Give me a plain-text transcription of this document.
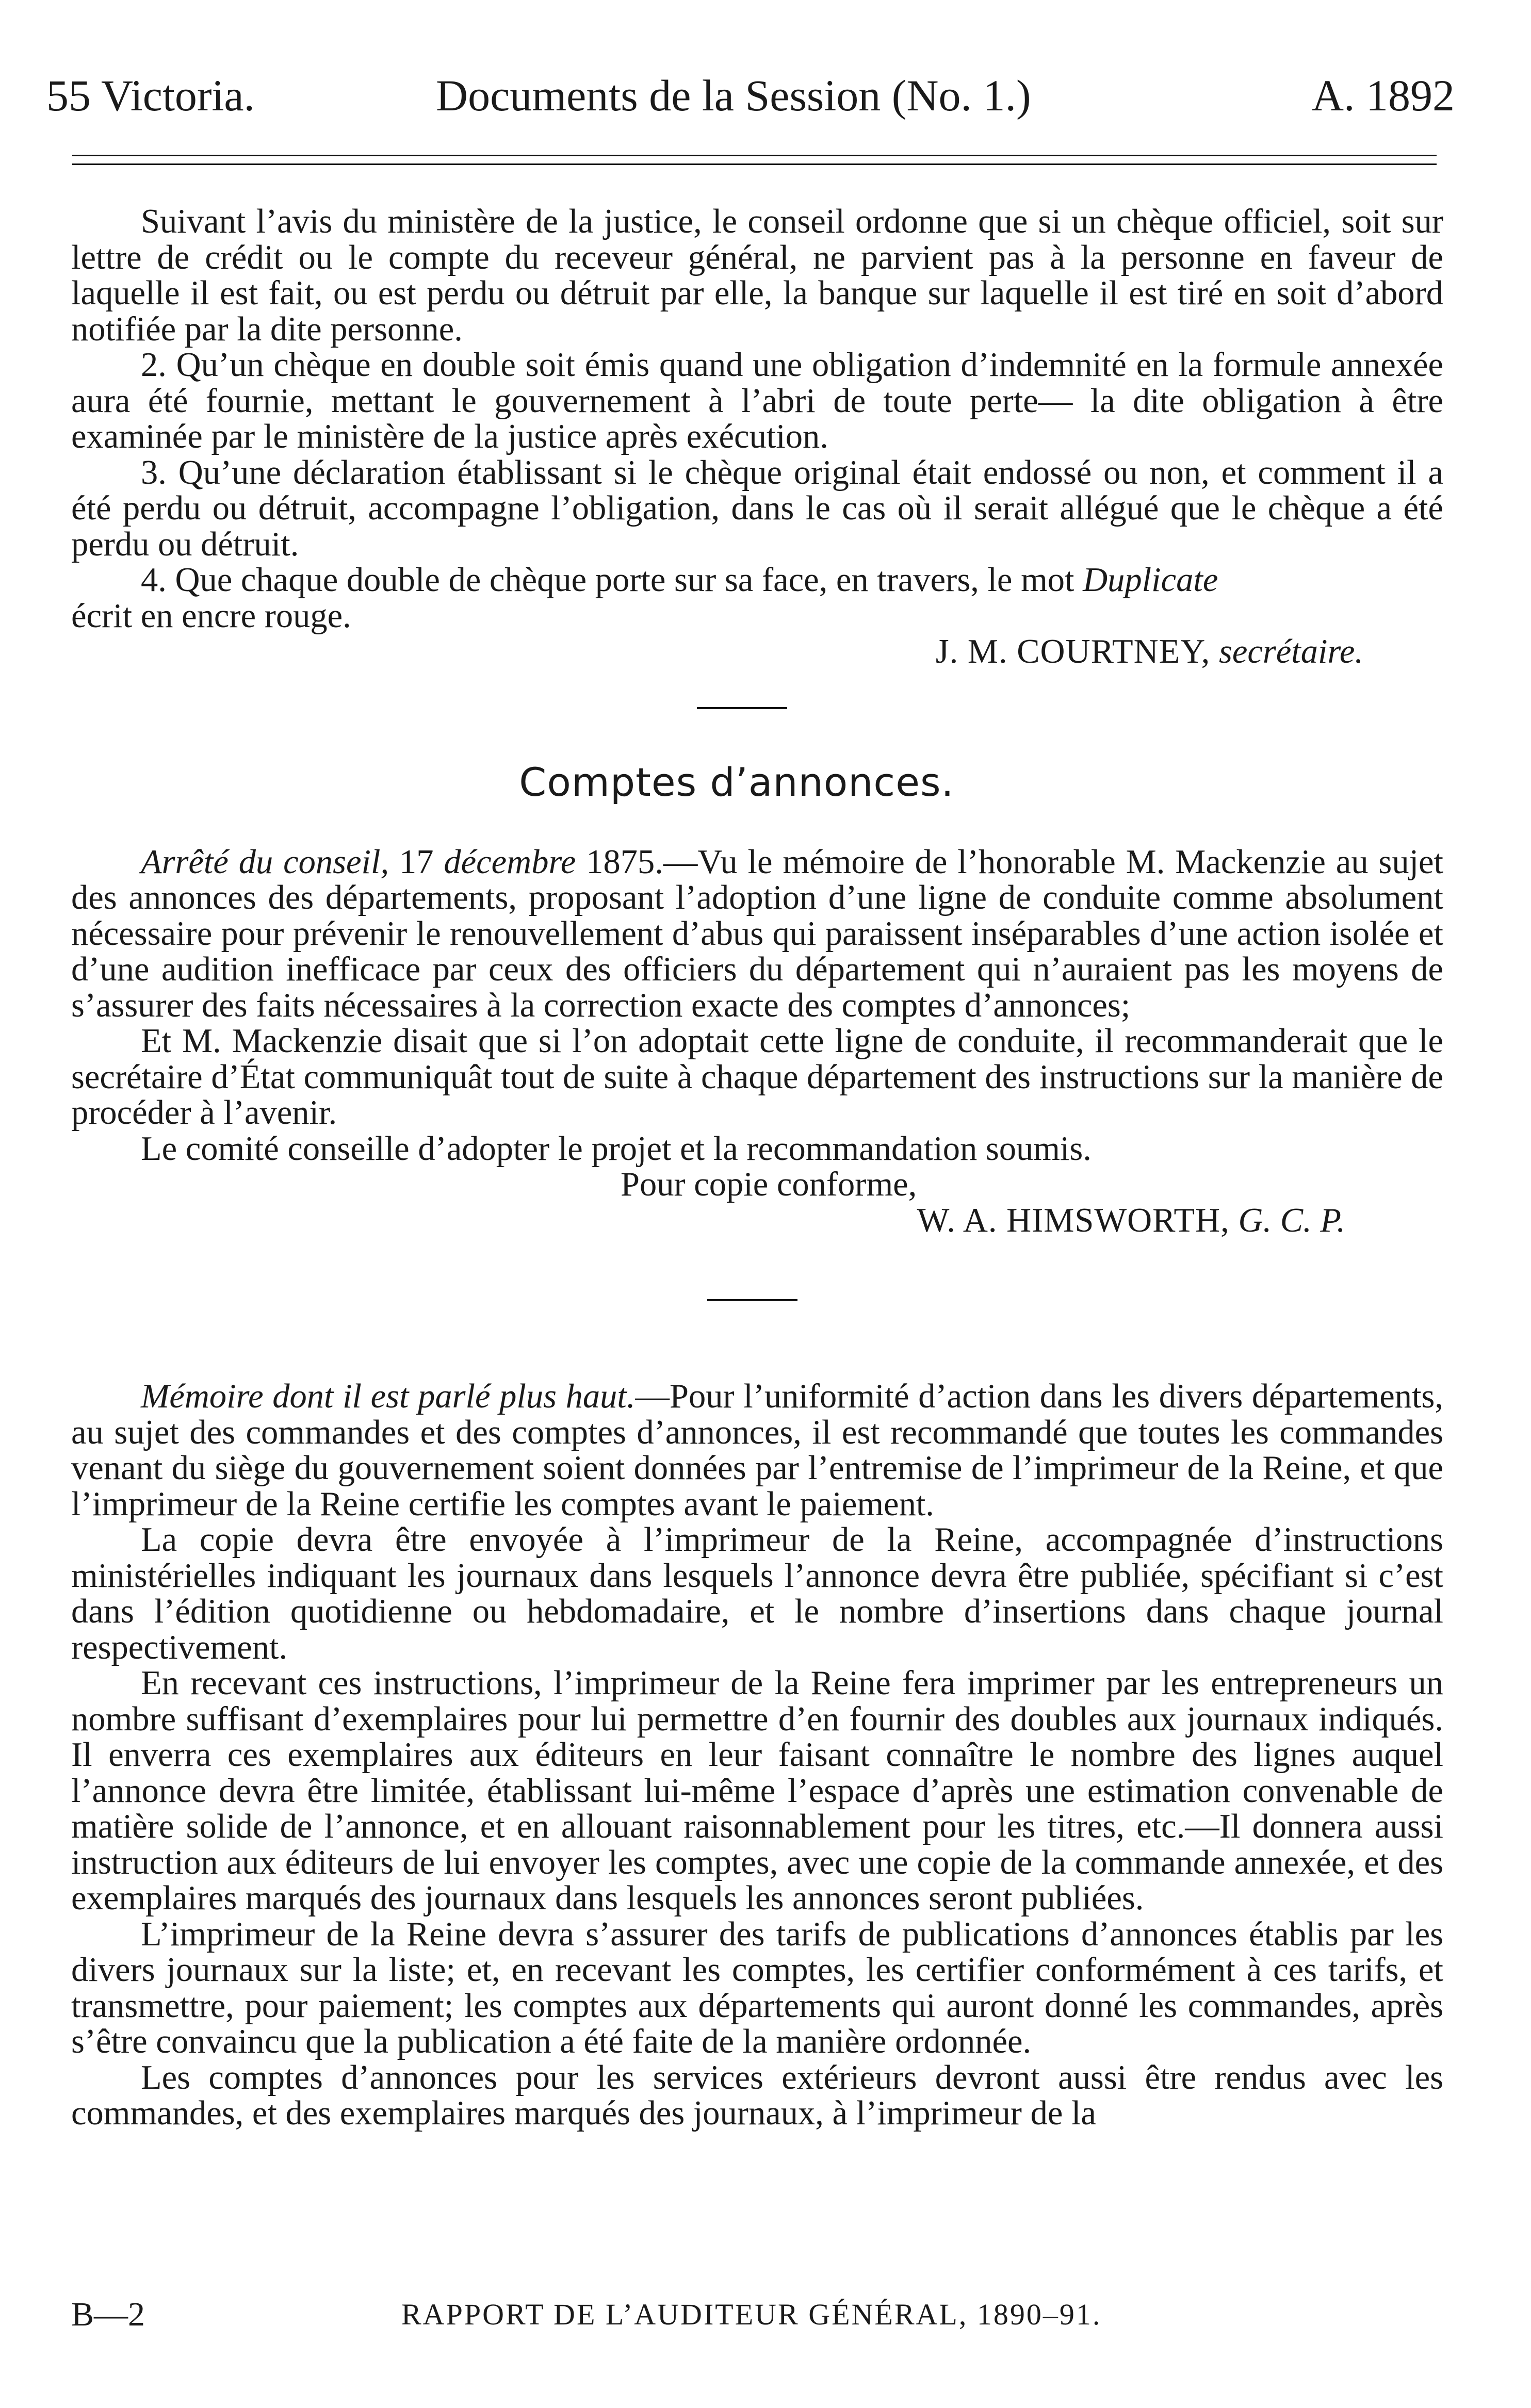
55 Victoria.	Documents de la Session (No. 1.)	A. 1892

Suivant l’avis du ministère de la justice, le conseil ordonne que si un chèque officiel, soit sur lettre de crédit ou le compte du receveur général, ne parvient pas à la personne en faveur de laquelle il est fait, ou est perdu ou détruit par elle, la banque sur laquelle il est tiré en soit d’abord notifiée par la dite personne.

2. Qu’un chèque en double soit émis quand une obligation d’indemnité en la formule annexée aura été fournie, mettant le gouvernement à l’abri de toute perte— la dite obligation à être examinée par le ministère de la justice après exécution.

3. Qu’une déclaration établissant si le chèque original était endossé ou non, et comment il a été perdu ou détruit, accompagne l’obligation, dans le cas où il serait allégué que le chèque a été perdu ou détruit.

4. Que chaque double de chèque porte sur sa face, en travers, le mot Duplicate

écrit en encre rouge.

J. M. COURTNEY, secrétaire.

Comptes d’annonces.

Arrêté du conseil, 17 décembre 1875.—Vu le mémoire de l’honorable M. Mackenzie au sujet des annonces des départements, proposant l’adoption d’une ligne de conduite comme absolument nécessaire pour prévenir le renouvellement d’abus qui paraissent inséparables d’une action isolée et d’une audition inefficace par ceux des officiers du département qui n’auraient pas les moyens de s’assurer des faits nécessaires à la correction exacte des comptes d’annonces;

Et M. Mackenzie disait que si l’on adoptait cette ligne de conduite, il recommanderait que le secrétaire d’État communiquât tout de suite à chaque département des instructions sur la manière de procéder à l’avenir.

Le comité conseille d’adopter le projet et la recommandation soumis.

Pour copie conforme,

W. A. HIMSWORTH, G. C. P.

Mémoire dont il est parlé plus haut.—Pour l’uniformité d’action dans les divers départements, au sujet des commandes et des comptes d’annonces, il est recommandé que toutes les commandes venant du siège du gouvernement soient données par l’entremise de l’imprimeur de la Reine, et que l’imprimeur de la Reine certifie les comptes avant le paiement.

La copie devra être envoyée à l’imprimeur de la Reine, accompagnée d’instructions ministérielles indiquant les journaux dans lesquels l’annonce devra être publiée, spécifiant si c’est dans l’édition quotidienne ou hebdomadaire, et le nombre d’insertions dans chaque journal respectivement.

En recevant ces instructions, l’imprimeur de la Reine fera imprimer par les entrepreneurs un nombre suffisant d’exemplaires pour lui permettre d’en fournir des doubles aux journaux indiqués. Il enverra ces exemplaires aux éditeurs en leur faisant connaître le nombre des lignes auquel l’annonce devra être limitée, établissant lui-même l’espace d’après une estimation convenable de matière solide de l’annonce, et en allouant raisonnablement pour les titres, etc.—Il donnera aussi instruction aux éditeurs de lui envoyer les comptes, avec une copie de la commande annexée, et des exemplaires marqués des journaux dans lesquels les annonces seront publiées.

L’imprimeur de la Reine devra s’assurer des tarifs de publications d’annonces établis par les divers journaux sur la liste; et, en recevant les comptes, les certifier conformément à ces tarifs, et transmettre, pour paiement; les comptes aux départements qui auront donné les commandes, après s’être convaincu que la publication a été faite de la manière ordonnée.

Les comptes d’annonces pour les services extérieurs devront aussi être rendus avec les commandes, et des exemplaires marqués des journaux, à l’imprimeur de la

B—2	RAPPORT DE L’AUDITEUR GÉNÉRAL, 1890–91.
